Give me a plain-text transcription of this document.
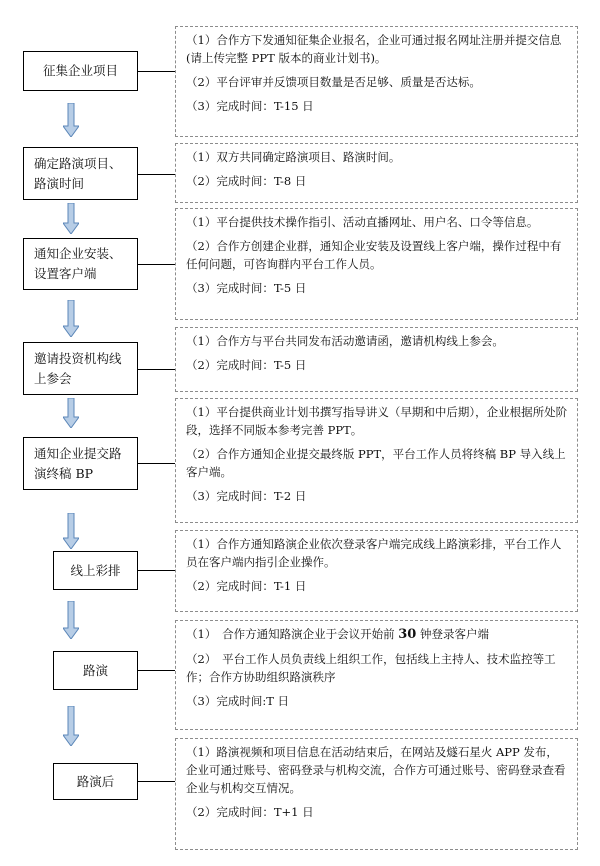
征集企业项目

（1）合作方下发通知征集企业报名，企业可通过报名网址注册并提交信息(请上传完整 PPT 版本的商业计划书)。

（2）平台评审并反馈项目数量是否足够、质量是否达标。

（3）完成时间：T-15 日

确定路演项目、路演时间

（1）双方共同确定路演项目、路演时间。

（2）完成时间：T-8 日

通知企业安装、设置客户端

（1）平台提供技术操作指引、活动直播网址、用户名、口令等信息。

（2）合作方创建企业群，通知企业安装及设置线上客户端，操作过程中有任何问题，可咨询群内平台工作人员。

（3）完成时间：T-5 日

邀请投资机构线上参会

（1）合作方与平台共同发布活动邀请函，邀请机构线上参会。

（2）完成时间：T-5 日

通知企业提交路演终稿 BP

（1）平台提供商业计划书撰写指导讲义（早期和中后期），企业根据所处阶段，选择不同版本参考完善 PPT。

（2）合作方通知企业提交最终版 PPT，平台工作人员将终稿 BP 导入线上客户端。

（3）完成时间：T-2 日

线上彩排

（1）合作方通知路演企业依次登录客户端完成线上路演彩排，平台工作人员在客户端内指引企业操作。

（2）完成时间：T-1 日

路演

（1）　合作方通知路演企业于会议开始前 30 钟登录客户端

（2）　平台工作人员负责线上组织工作，包括线上主持人、技术监控等工作；合作方协助组织路演秩序

（3）完成时间:T 日

路演后

（1）路演视频和项目信息在活动结束后，在网站及燧石星火 APP 发布，企业可通过账号、密码登录与机构交流，合作方可通过账号、密码登录查看企业与机构交互情况。

（2）完成时间：T+1 日
